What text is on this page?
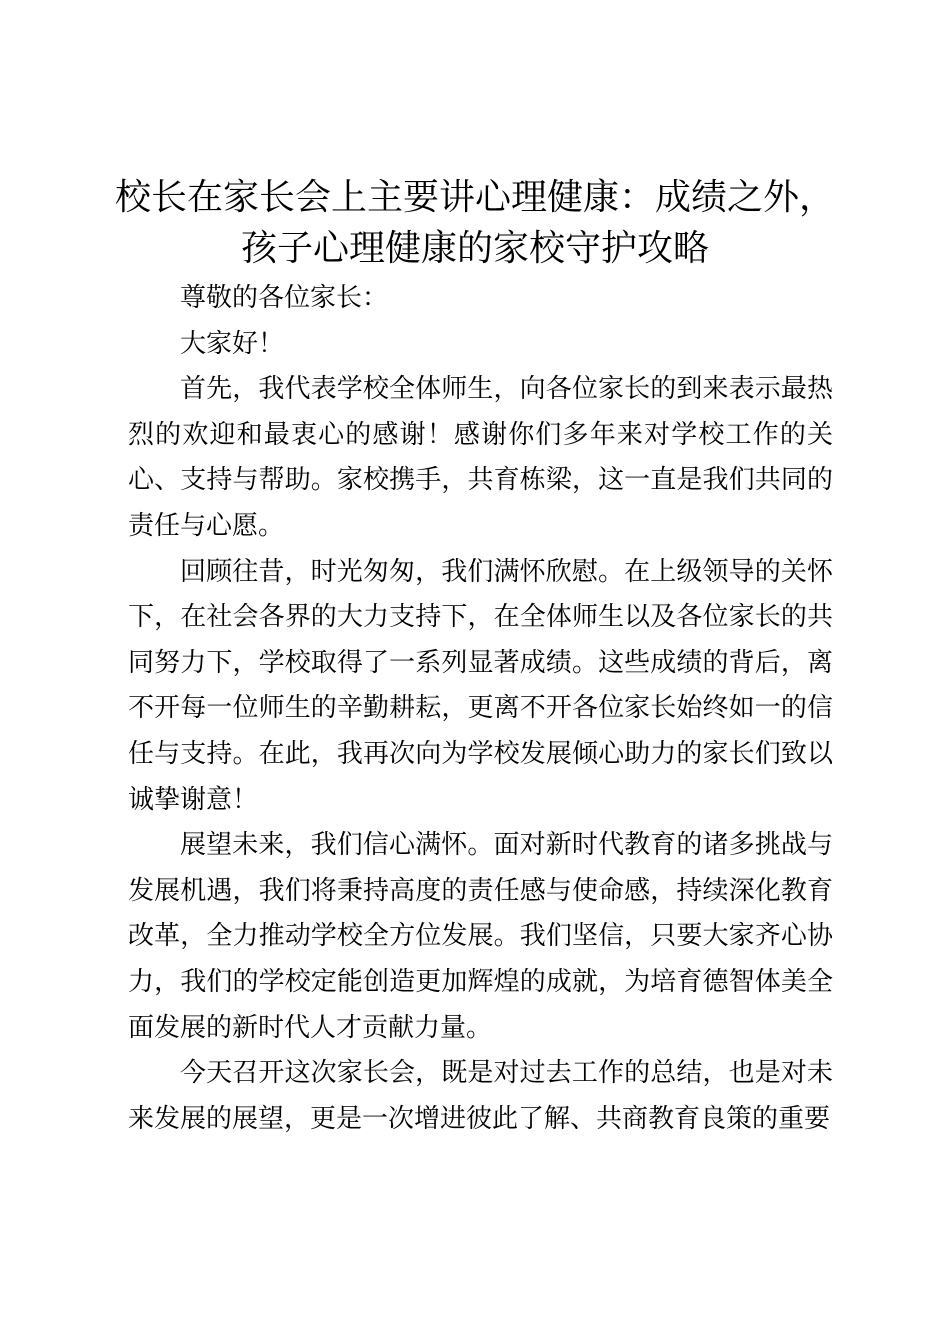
校长在家长会上主要讲心理健康：成绩之外，
孩子心理健康的家校守护攻略

尊敬的各位家长：

大家好！

首先，我代表学校全体师生，向各位家长的到来表示最热烈的欢迎和最衷心的感谢！感谢你们多年来对学校工作的关心、支持与帮助。家校携手，共育栋梁，这一直是我们共同的责任与心愿。

回顾往昔，时光匆匆，我们满怀欣慰。在上级领导的关怀下，在社会各界的大力支持下，在全体师生以及各位家长的共同努力下，学校取得了一系列显著成绩。这些成绩的背后，离不开每一位师生的辛勤耕耘，更离不开各位家长始终如一的信任与支持。在此，我再次向为学校发展倾心助力的家长们致以诚挚谢意！

展望未来，我们信心满怀。面对新时代教育的诸多挑战与发展机遇，我们将秉持高度的责任感与使命感，持续深化教育改革，全力推动学校全方位发展。我们坚信，只要大家齐心协力，我们的学校定能创造更加辉煌的成就，为培育德智体美全面发展的新时代人才贡献力量。

今天召开这次家长会，既是对过去工作的总结，也是对未来发展的展望，更是一次增进彼此了解、共商教育良策的重要
